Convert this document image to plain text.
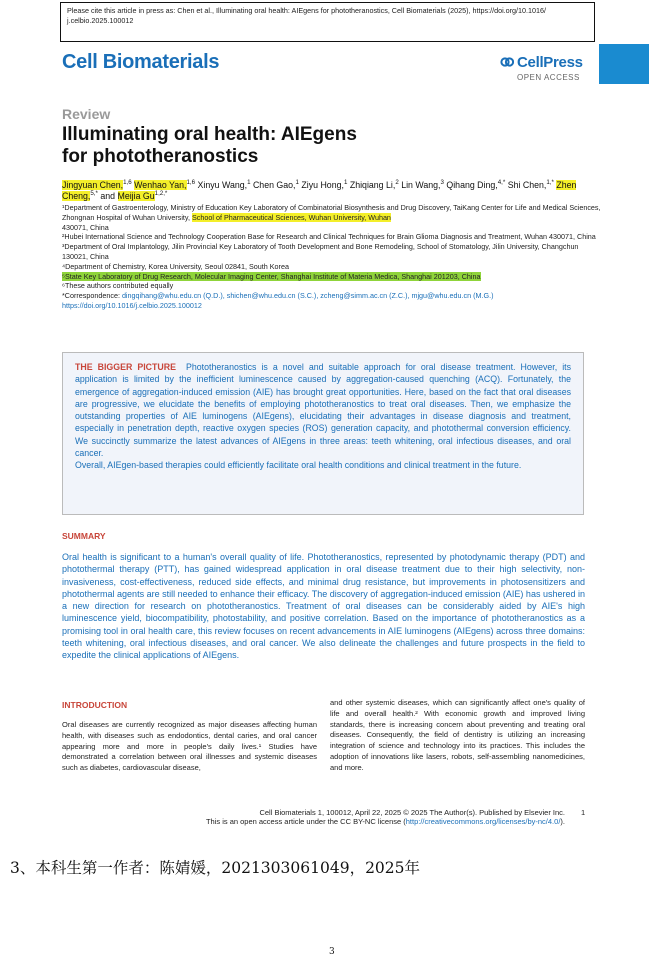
Please cite this article in press as: Chen et al., Illuminating oral health: AIEgens for phototheranostics, Cell Biomaterials (2025), https://doi.org/10.1016/
j.celbio.2025.100012
Cell Biomaterials	CellPress
OPEN ACCESS
Review
Illuminating oral health: AIEgens
for phototheranostics
Jingyuan Chen,$^{1,6}$ Wenhao Yan,$^{1,6}$ Xinyu Wang,$^1$ Chen Gao,$^1$ Ziyu Hong,$^1$ Zhiqiang Li,$^2$ Lin Wang,$^3$ Qihang Ding,$^{4,*}$ Shi Chen,$^{1,*}$ Zhen Cheng,$^{5,*}$ and Meijia $Gu^{1,2,*}$

¹Department of Gastroenterology, Ministry of Education Key Laboratory of Combinatorial Biosynthesis and Drug Discovery, TaiKang Center for Life and Medical Sciences, Zhongnan Hospital of Wuhan University, School of Pharmaceutical Sciences, Wuhan University, Wuhan
430071, China

²Hubei International Science and Technology Cooperation Base for Research and Clinical Techniques for Brain Glioma Diagnosis and Treatment, Wuhan 430071, China

³Department of Oral Implantology, Jilin Provincial Key Laboratory of Tooth Development and Bone Remodeling, School of Stomatology, Jilin University, Changchun 130021, China

⁴Department of Chemistry, Korea University, Seoul 02841, South Korea

⁵State Key Laboratory of Drug Research, Molecular Imaging Center, Shanghai Institute of Materia Medica, Shanghai 201203, China

⁶These authors contributed equally

*Correspondence: dingqihang@whu.edu.cn (Q.D.), shichen@whu.edu.cn (S.C.), zcheng@simm.ac.cn (Z.C.), mjgu@whu.edu.cn (M.G.)

https://doi.org/10.1016/j.celbio.2025.100012

THE BIGGER PICTURE Phototheranostics is a novel and suitable approach for oral disease treatment. However, its application is limited by the inefficient luminescence caused by aggregation-caused quenching (ACQ). Fortunately, the emergence of aggregation-induced emission (AIE) has brought great opportunities. Here, based on the fact that oral diseases are progressive, we elucidate the benefits of employing phototheranostics to treat oral diseases. Then, we emphasize the outstanding properties of AIE luminogens (AIEgens), elucidating their advantages in disease diagnosis and treatment, especially in penetration depth, reactive oxygen species (ROS) generation capacity, and photothermal conversion efficiency. We succinctly summarize the latest advances of AIEgens in three areas: teeth whitening, oral infectious diseases, and oral cancer.

Overall, AIEgen-based therapies could efficiently facilitate oral health conditions and clinical treatment in the future.

SUMMARY
Oral health is significant to a human's overall quality of life. Phototheranostics, represented by photodynamic therapy (PDT) and photothermal therapy (PTT), has gained widespread application in oral disease treatment due to their high selectivity, non-invasiveness, cost-effectiveness, reduced side effects, and minimal drug resistance, but improvements in photosensitizers and photothermal agents are still needed to enhance their efficacy. The discovery of aggregation-induced emission (AIE) has ushered in a new direction for research on phototheranostics. Treatment of oral diseases can be considerably aided by AIE's high luminescence yield, biocompatibility, photostability, and positive correlation. Based on the importance of phototheranostics as a promising tool in oral health care, this review focuses on recent advancements in AIE luminogens (AIEgens) across three domains: teeth whitening, oral infectious diseases, and oral cancer. We also delineate the challenges and future prospects in the field to expedite the clinical applications of AIEgens.
INTRODUCTION
Oral diseases are currently recognized as major diseases affecting human health, with diseases such as endodontics, dental caries, and oral cancer appearing more and more in people's daily lives.¹ Studies have demonstrated a correlation between oral illnesses and systemic diseases such as diabetes, cardiovascular disease,
and other systemic diseases, which can significantly affect one's quality of life and overall health.² With economic growth and improved living standards, there is increasing concern about preventing and treating oral diseases. Consequently, the field of dentistry is utilizing an increasing integration of science and technology into its practices. This includes the adoption of innovations like lasers, robots, self-assembling nanomedicines, and more.
Cell Biomaterials 1, 100012, April 22, 2025 © 2025 The Author(s). Published by Elsevier Inc. 1
This is an open access article under the CC BY-NC license (http://creativecommons.org/licenses/by-nc/4.0/).
3、本科生第一作者：陈婧媛，2021303061049，2025年
3
